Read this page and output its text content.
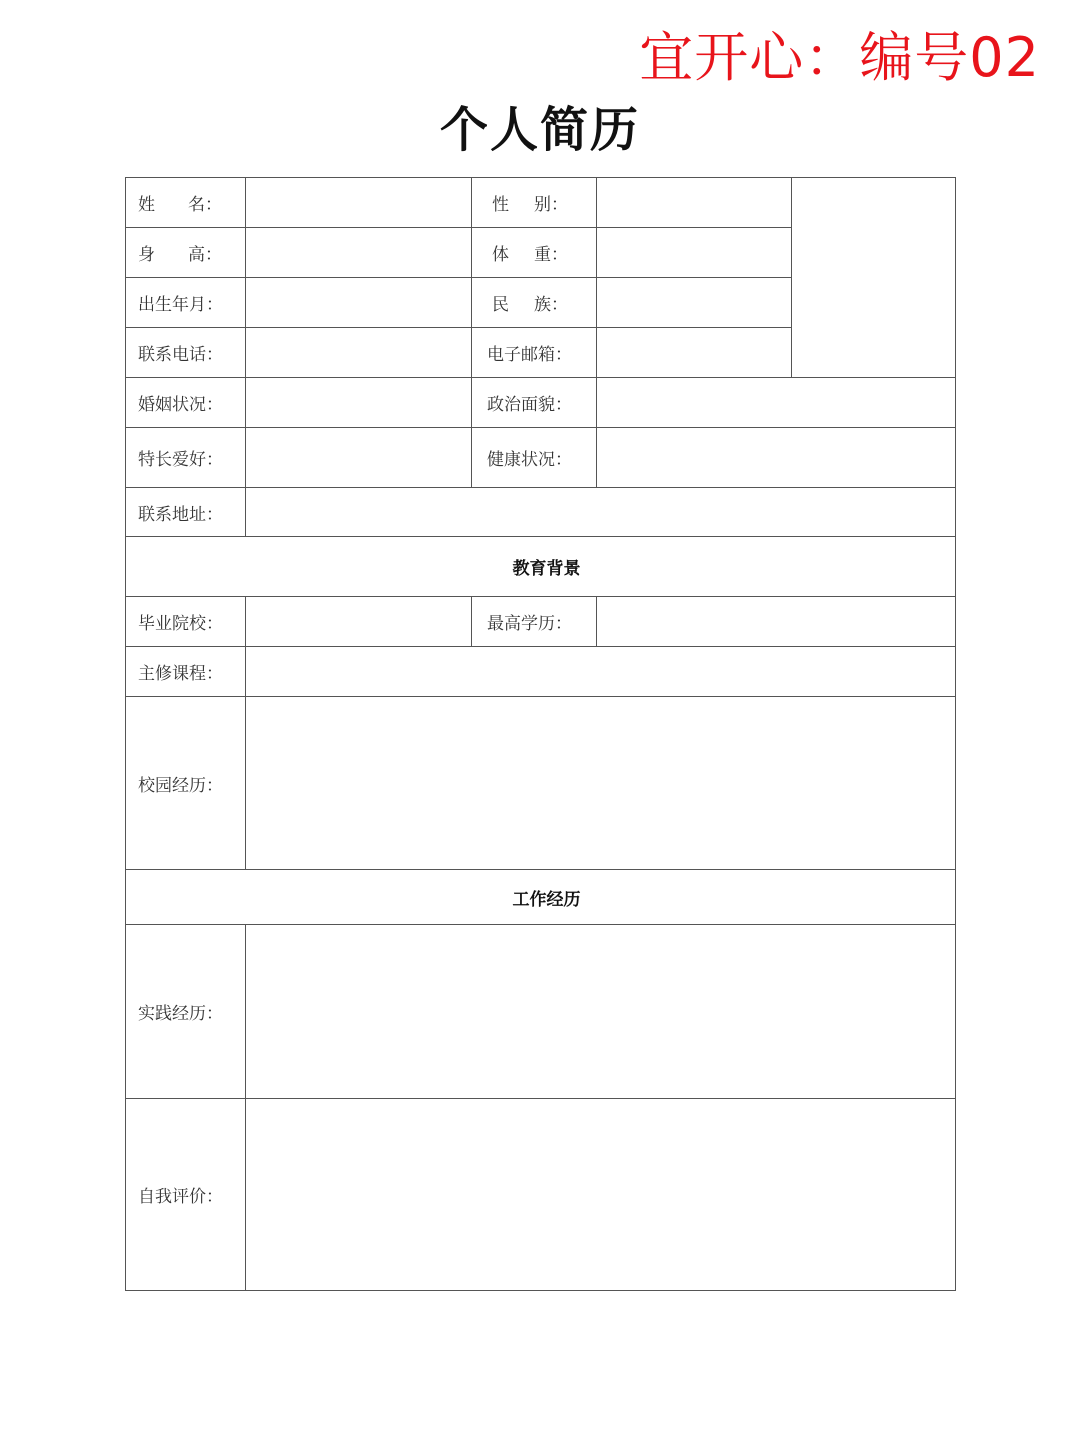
宜开心：编号02
个人简历
姓 名：		性 别：		

身 高：		体 重：		

出生年月：		民 族：		

联系电话：		电子邮箱：		
婚姻状况：		政治面貌：		
特长爱好：		健康状况：		
联系地址：				
教育背景				
毕业院校：		最高学历：		
主修课程：				
校园经历：				
工作经历				
实践经历：				
自我评价：				
